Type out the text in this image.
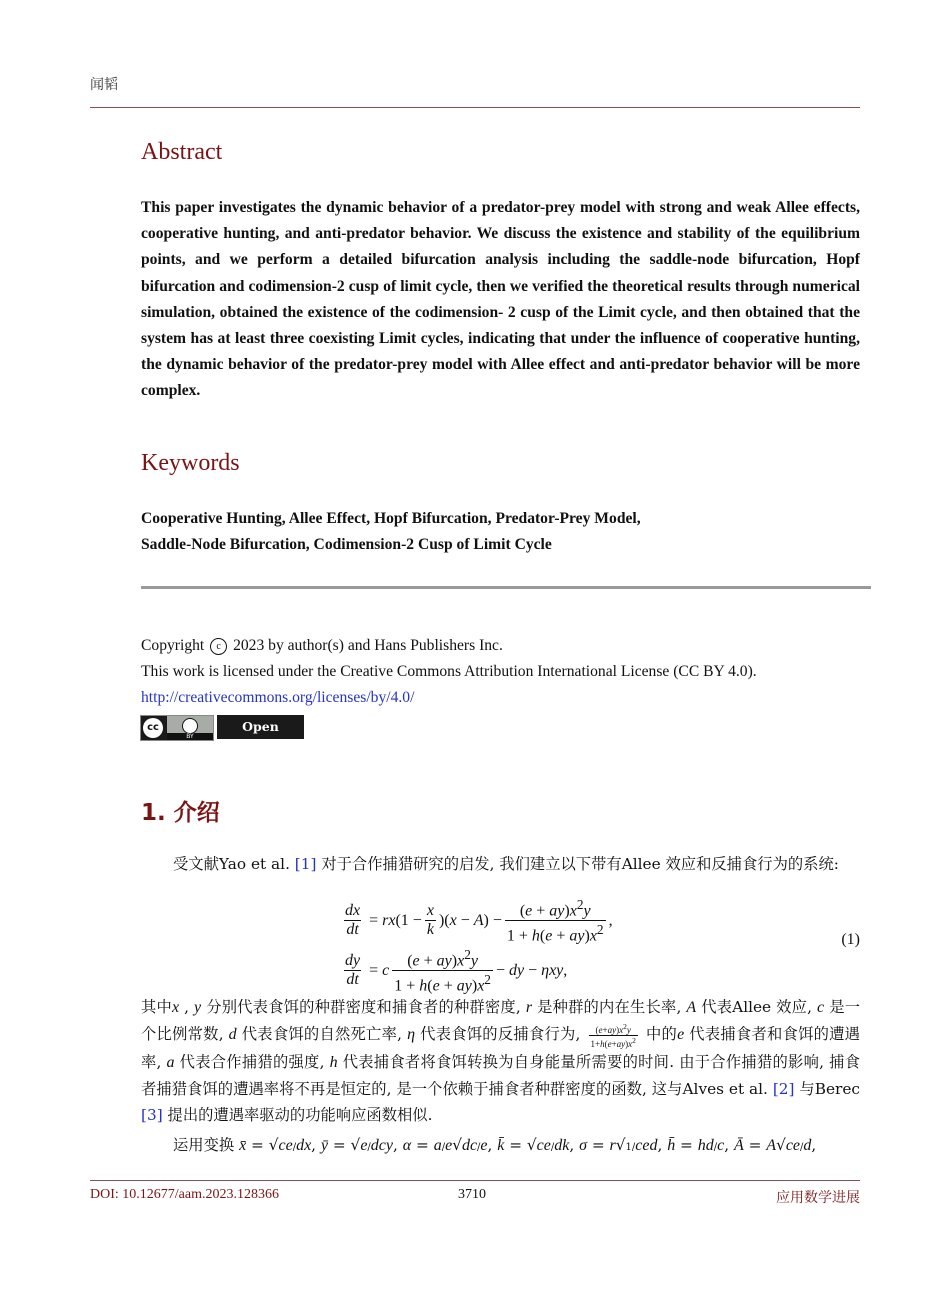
闻韬
Abstract

This paper investigates the dynamic behavior of a predator-prey model with strong and weak Allee effects, cooperative hunting, and anti-predator behavior. We discuss the existence and stability of the equilibrium points, and we perform a detailed bifurcation analysis including the saddle-node bifurcation, Hopf bifurcation and codimension-2 cusp of limit cycle, then we verified the theoretical results through numerical simulation, obtained the existence of the codimension- 2 cusp of the Limit cycle, and then obtained that the system has at least three coexisting Limit cycles, indicating that under the influence of cooperative hunting, the dynamic behavior of the predator-prey model with Allee effect and anti-predator behavior will be more complex.

Keywords

Cooperative Hunting, Allee Effect, Hopf Bifurcation, Predator-Prey Model,
Saddle-Node Bifurcation, Codimension-2 Cusp of Limit Cycle

Copyright c 2023 by author(s) and Hans Publishers Inc.
This work is licensed under the Creative Commons Attribution International License (CC BY 4.0).
http://creativecommons.org/licenses/by/4.0/
cc
BY
Open Access
1. 介绍

受文献Yao et al. [1] 对于合作捕猎研究的启发, 我们建立以下带有Allee 效应和反捕食行为的系统:

$\frac{dx}{dt} = rx(1 - \frac{x}{k} )(x - A) - \frac{(e + ay)x^2y}{1 + h(e + ay)x^2}$ ,
$\frac{dy}{dt} = c \frac{(e + ay)x^2y}{1 + h(e + ay)x^2}$ − dy − ηxy,
(1)

其中x , y 分别代表食饵的种群密度和捕食者的种群密度, r 是种群的内在生长率, A 代表Allee 效应, c 是一个比例常数, d 代表食饵的自然死亡率, η 代表食饵的反捕食行为, $\frac{(e+ay)x^2y}{1+h(e+ay)x^2}$ 中的e 代表捕食者和食饵的遭遇率, a 代表合作捕猎的强度, h 代表捕食者将食饵转换为自身能量所需要的时间. 由于合作捕猎的影响, 捕食者捕猎食饵的遭遇率将不再是恒定的, 是一个依赖于捕食者种群密度的函数, 这与Alves et al. [2] 与Berec [3] 提出的遭遇率驱动的功能响应函数相似.

运用变换 x̄ = √ce/dx, ȳ = √e/dcy, α = a/e√dc/e, k̄ = √ce/dk, σ = r√1/ced, h̄ = hd/c, Ā = A√ce/d,
DOI: 10.12677/aam.2023.128366	3710	应用数学进展
